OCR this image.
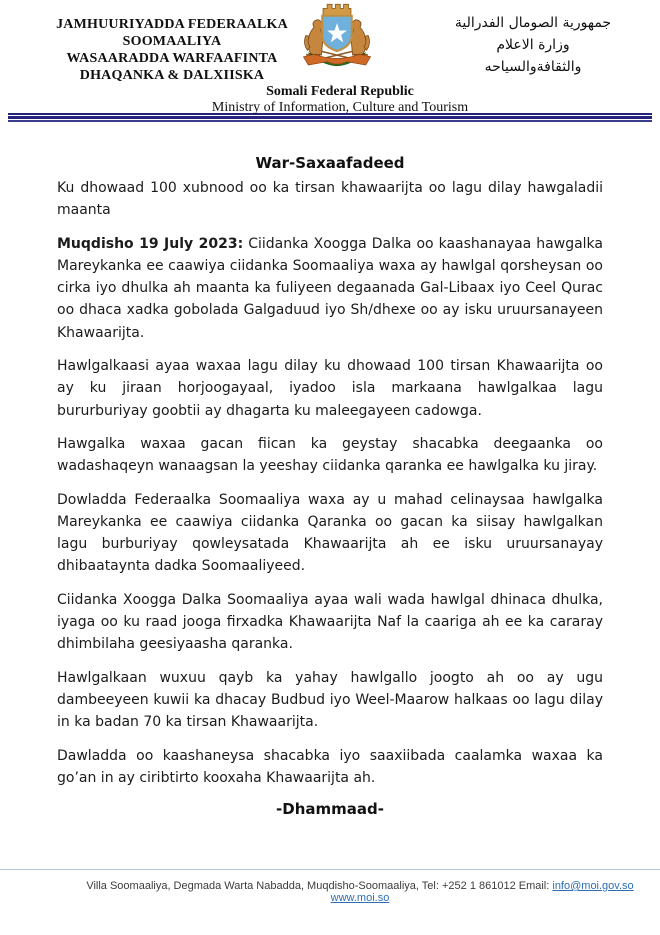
JAMHUURIYADDA FEDERAALKA
SOOMAALIYA
WASAARADDA WARFAAFINTA
DHAQANKA & DALXIISKA
Somali Federal Republic
Ministry of Information, Culture and Tourism
جمهورية الصومال الفدرالية
وزارة الاعلام
والثقافةوالسياحه
War-Saxaafadeed

Ku dhowaad 100 xubnood oo ka tirsan khawaarijta oo lagu dilay hawgaladii maanta

Muqdisho 19 July 2023: Ciidanka Xoogga Dalka oo kaashanayaa hawgalka Mareykanka ee caawiya ciidanka Soomaaliya waxa ay hawlgal qorsheysan oo cirka iyo dhulka ah maanta ka fuliyeen degaanada Gal-Libaax iyo Ceel Qurac oo dhaca xadka gobolada Galgaduud iyo Sh/dhexe oo ay isku uruursanayeen Khawaarijta.

Hawlgalkaasi ayaa waxaa lagu dilay ku dhowaad 100 tirsan Khawaarijta oo ay ku jiraan horjoogayaal, iyadoo isla markaana hawlgalkaa lagu bururburiyay goobtii ay dhagarta ku maleegayeen cadowga.

Hawgalka waxaa gacan fiican ka geystay shacabka deegaanka oo wadashaqeyn wanaagsan la yeeshay ciidanka qaranka ee hawlgalka ku jiray.

Dowladda Federaalka Soomaaliya waxa ay u mahad celinaysaa hawlgalka Mareykanka ee caawiya ciidanka Qaranka oo gacan ka siisay hawlgalkan lagu burburiyay qowleysatada Khawaarijta ah ee isku uruursanayay dhibaataynta dadka Soomaaliyeed.

Ciidanka Xoogga Dalka Soomaaliya ayaa wali wada hawlgal dhinaca dhulka, iyaga oo ku raad jooga firxadka Khawaarijta Naf la caariga ah ee ka cararay dhimbilaha geesiyaasha qaranka.

Hawlgalkaan wuxuu qayb ka yahay hawlgallo joogto ah oo ay ugu dambeeyeen kuwii ka dhacay Budbud iyo Weel-Maarow halkaas oo lagu dilay in ka badan 70 ka tirsan Khawaarijta.

Dawladda oo kaashaneysa shacabka iyo saaxiibada caalamka waxaa ka go’an in ay ciribtirto kooxaha Khawaarijta ah.

-Dhammaad-

Villa Soomaaliya, Degmada Warta Nabadda, Muqdisho-Soomaaliya, Tel: +252 1 861012 Email: info@moi.gov.so www.moi.so
